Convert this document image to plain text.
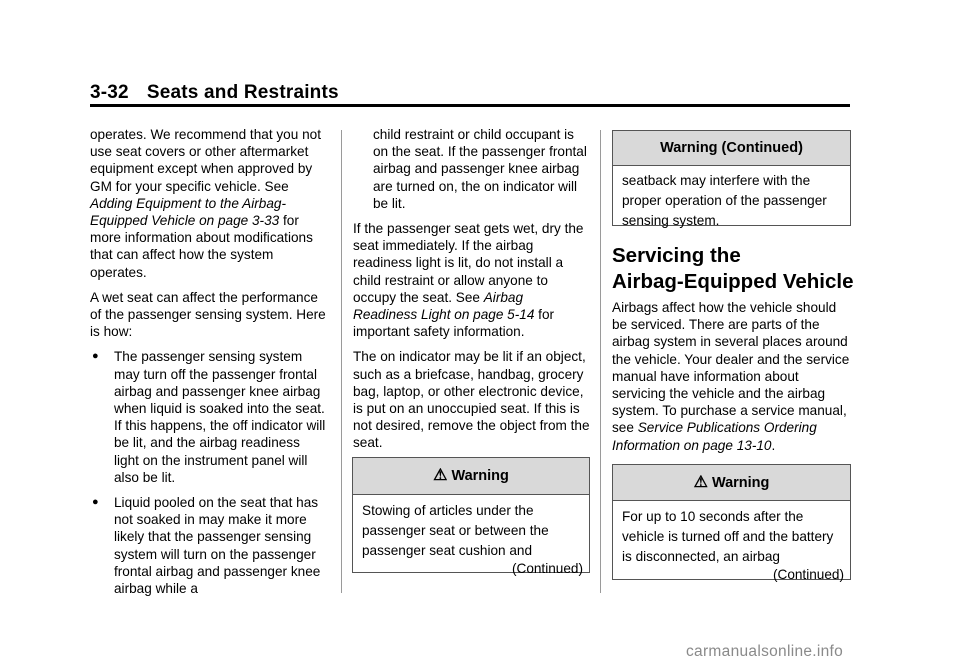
3-32 Seats and Restraints

operates. We recommend that you not use seat covers or other aftermarket equipment except when approved by GM for your specific vehicle. See Adding Equipment to the Airbag-Equipped Vehicle on page 3-33 for more information about modifications that can affect how the system operates.

A wet seat can affect the performance of the passenger sensing system. Here is how:

● The passenger sensing system may turn off the passenger frontal airbag and passenger knee airbag when liquid is soaked into the seat. If this happens, the off indicator will be lit, and the airbag readiness light on the instrument panel will also be lit.
● Liquid pooled on the seat that has not soaked in may make it more likely that the passenger sensing system will turn on the passenger frontal airbag and passenger knee airbag while a

child restraint or child occupant is on the seat. If the passenger frontal airbag and passenger knee airbag are turned on, the on indicator will be lit.

If the passenger seat gets wet, dry the seat immediately. If the airbag readiness light is lit, do not install a child restraint or allow anyone to occupy the seat. See Airbag Readiness Light on page 5-14 for important safety information.

The on indicator may be lit if an object, such as a briefcase, handbag, grocery bag, laptop, or other electronic device, is put on an unoccupied seat. If this is not desired, remove the object from the seat.

⚠ Warning
Stowing of articles under the passenger seat or between the passenger seat cushion and
(Continued)
Warning (Continued)
seatback may interfere with the proper operation of the passenger sensing system.
Servicing the
Airbag-Equipped Vehicle

Airbags affect how the vehicle should be serviced. There are parts of the airbag system in several places around the vehicle. Your dealer and the service manual have information about servicing the vehicle and the airbag system. To purchase a service manual, see Service Publications Ordering Information on page 13-10.

⚠ Warning
For up to 10 seconds after the vehicle is turned off and the battery is disconnected, an airbag
(Continued)
carmanualsonline.info
